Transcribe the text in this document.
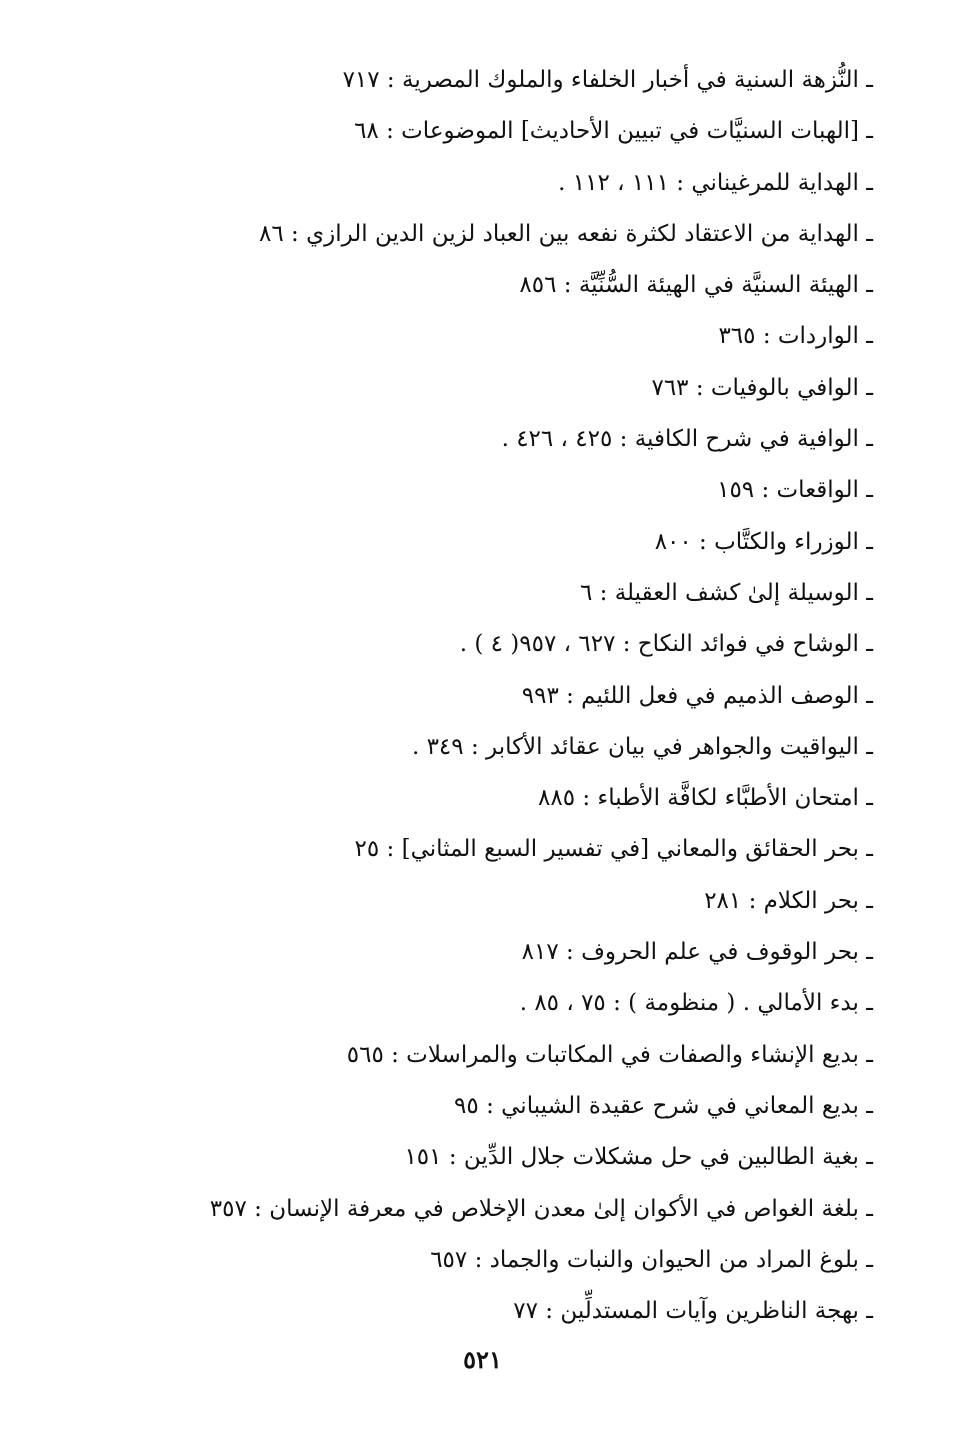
ـ النُّزهة السنية في أخبار الخلفاء والملوك المصرية : ٧١٧
ـ [الهبات السنيَّات في تبيين الأحاديث] الموضوعات : ٦٨
ـ الهداية للمرغيناني : ١١١ ، ١١٢ .
ـ الهداية من الاعتقاد لكثرة نفعه بين العباد لزين الدين الرازي : ٨٦
ـ الهيئة السنيَّة في الهيئة السُّنِّيَّة : ٨٥٦
ـ الواردات : ٣٦٥
ـ الوافي بالوفيات : ٧٦٣
ـ الوافية في شرح الكافية : ٤٢٥ ، ٤٢٦ .
ـ الواقعات : ١٥٩
ـ الوزراء والكتَّاب : ٨٠٠
ـ الوسيلة إلىٰ كشف العقيلة : ٦
ـ الوشاح في فوائد النكاح : ٦٢٧ ، ٩٥٧( ٤ ) .
ـ الوصف الذميم في فعل اللئيم : ٩٩٣
ـ اليواقيت والجواهر في بيان عقائد الأكابر : ٣٤٩ .
ـ امتحان الأطبَّاء لكافَّة الأطباء : ٨٨٥
ـ بحر الحقائق والمعاني [في تفسير السبع المثاني] : ٢٥
ـ بحر الكلام : ٢٨١
ـ بحر الوقوف في علم الحروف : ٨١٧
ـ بدء الأمالي . ( منظومة ) : ٧٥ ، ٨٥ .
ـ بديع الإنشاء والصفات في المكاتبات والمراسلات : ٥٦٥
ـ بديع المعاني في شرح عقيدة الشيباني : ٩٥
ـ بغية الطالبين في حل مشكلات جلال الدِّين : ١٥١
ـ بلغة الغواص في الأكوان إلىٰ معدن الإخلاص في معرفة الإنسان : ٣٥٧
ـ بلوغ المراد من الحيوان والنبات والجماد : ٦٥٧
ـ بهجة الناظرين وآيات المستدلِّين : ٧٧
٥٢١
